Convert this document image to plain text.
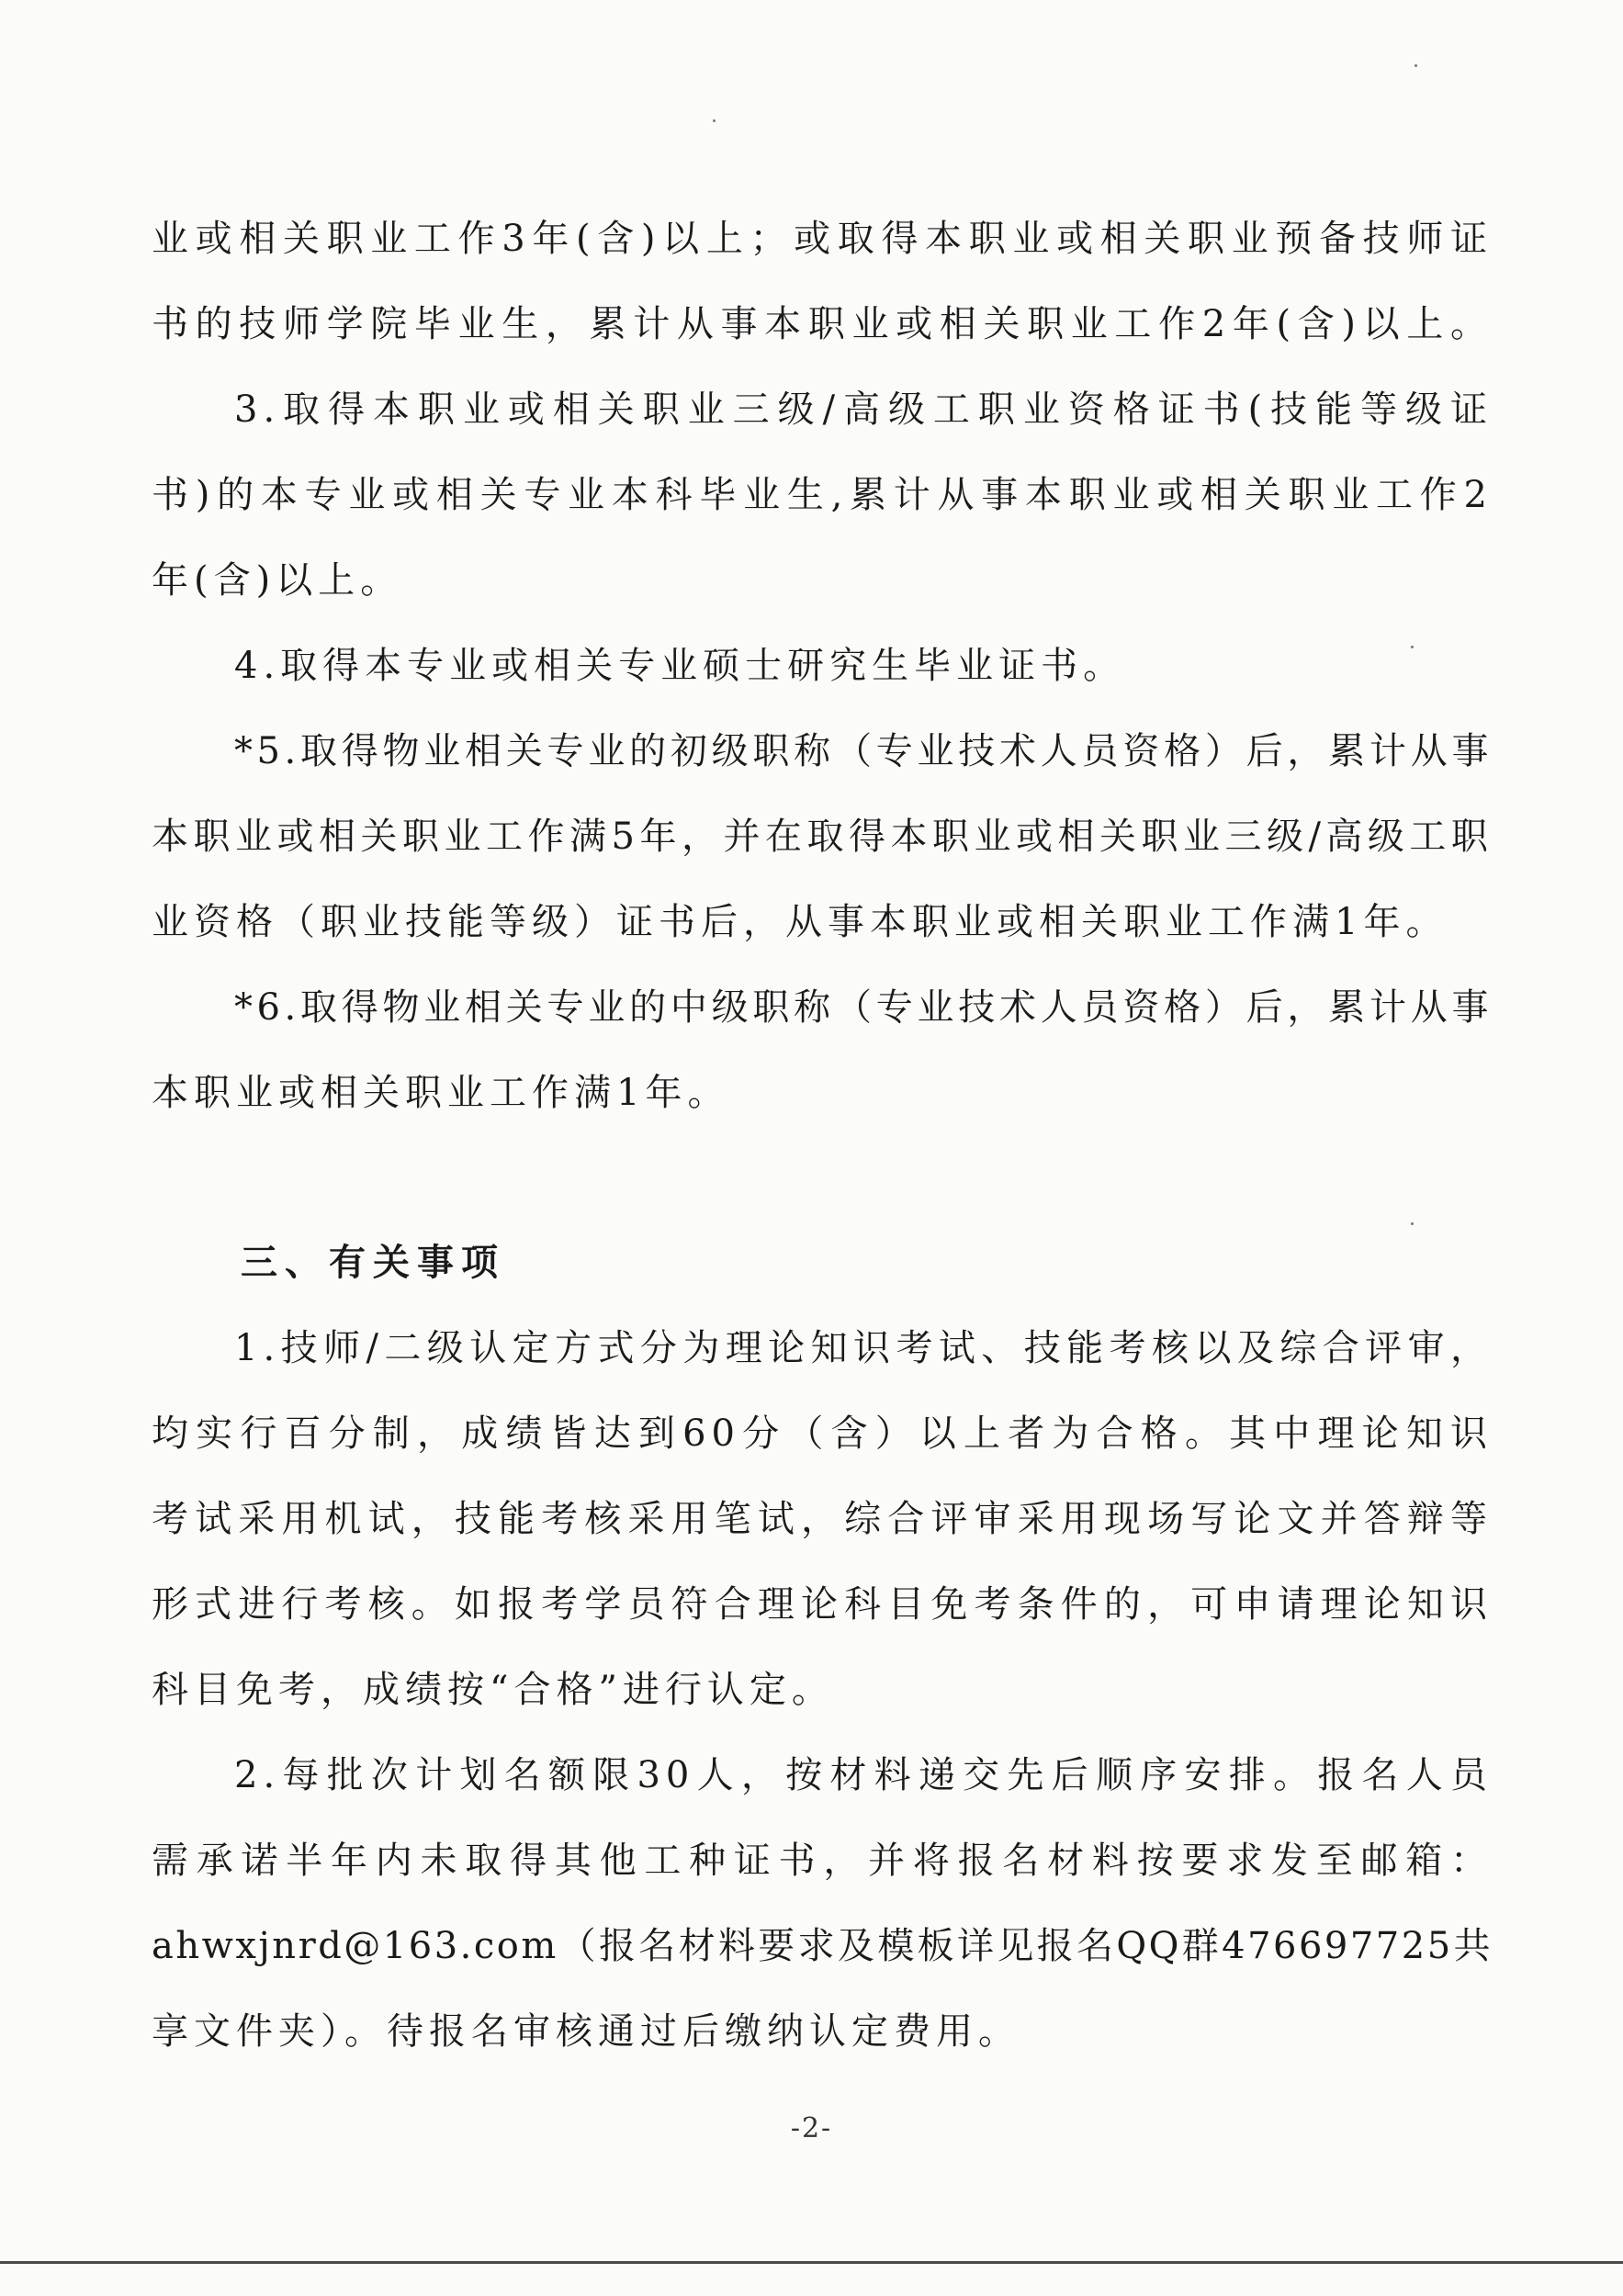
业或相关职业工作3年(含)以上；或取得本职业或相关职业预备技师证
书的技师学院毕业生，累计从事本职业或相关职业工作2年(含)以上。
3.取得本职业或相关职业三级/高级工职业资格证书(技能等级证
书)的本专业或相关专业本科毕业生,累计从事本职业或相关职业工作2
年(含)以上。
4.取得本专业或相关专业硕士研究生毕业证书。
*5.取得物业相关专业的初级职称（专业技术人员资格）后，累计从事
本职业或相关职业工作满5年，并在取得本职业或相关职业三级/高级工职
业资格（职业技能等级）证书后，从事本职业或相关职业工作满1年。
*6.取得物业相关专业的中级职称（专业技术人员资格）后，累计从事
本职业或相关职业工作满1年。
三、有关事项
1.技师/二级认定方式分为理论知识考试、技能考核以及综合评审，
均实行百分制，成绩皆达到60分（含）以上者为合格。其中理论知识
考试采用机试，技能考核采用笔试，综合评审采用现场写论文并答辩等
形式进行考核。如报考学员符合理论科目免考条件的，可申请理论知识
科目免考，成绩按“合格”进行认定。
2.每批次计划名额限30人，按材料递交先后顺序安排。报名人员
需承诺半年内未取得其他工种证书，并将报名材料按要求发至邮箱：
ahwxjnrd@163.com（报名材料要求及模板详见报名QQ群476697725共
享文件夹）。待报名审核通过后缴纳认定费用。
-2-
